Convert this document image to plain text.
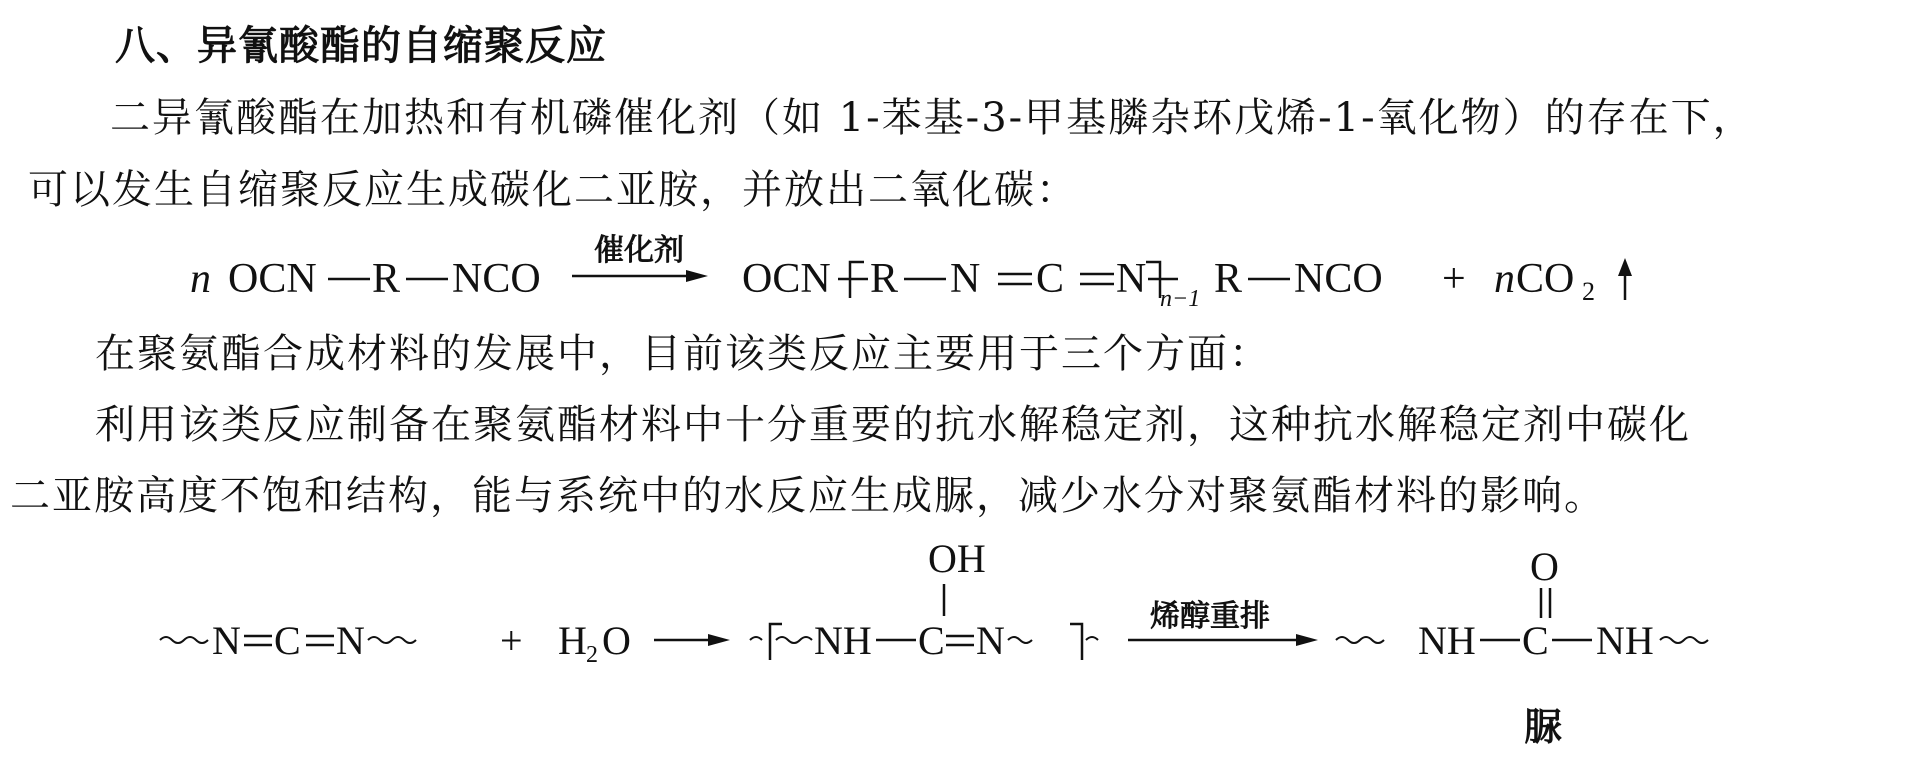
八、异氰酸酯的自缩聚反应
二异氰酸酯在加热和有机磷催化剂（如 1-苯基-3-甲基膦杂环戊烯-1-氧化物）的存在下，
可以发生自缩聚反应生成碳化二亚胺，并放出二氧化碳：
n OCN R NCO
催化剂
OCN R N C N n−1 R NCO + n CO 2
在聚氨酯合成材料的发展中，目前该类反应主要用于三个方面：
利用该类反应制备在聚氨酯材料中十分重要的抗水解稳定剂，这种抗水解稳定剂中碳化
二亚胺高度不饱和结构，能与系统中的水反应生成脲，减少水分对聚氨酯材料的影响。
N C N	+ H 2 O	NH C N
OH
烯醇重排
NH C NH
O
脲
